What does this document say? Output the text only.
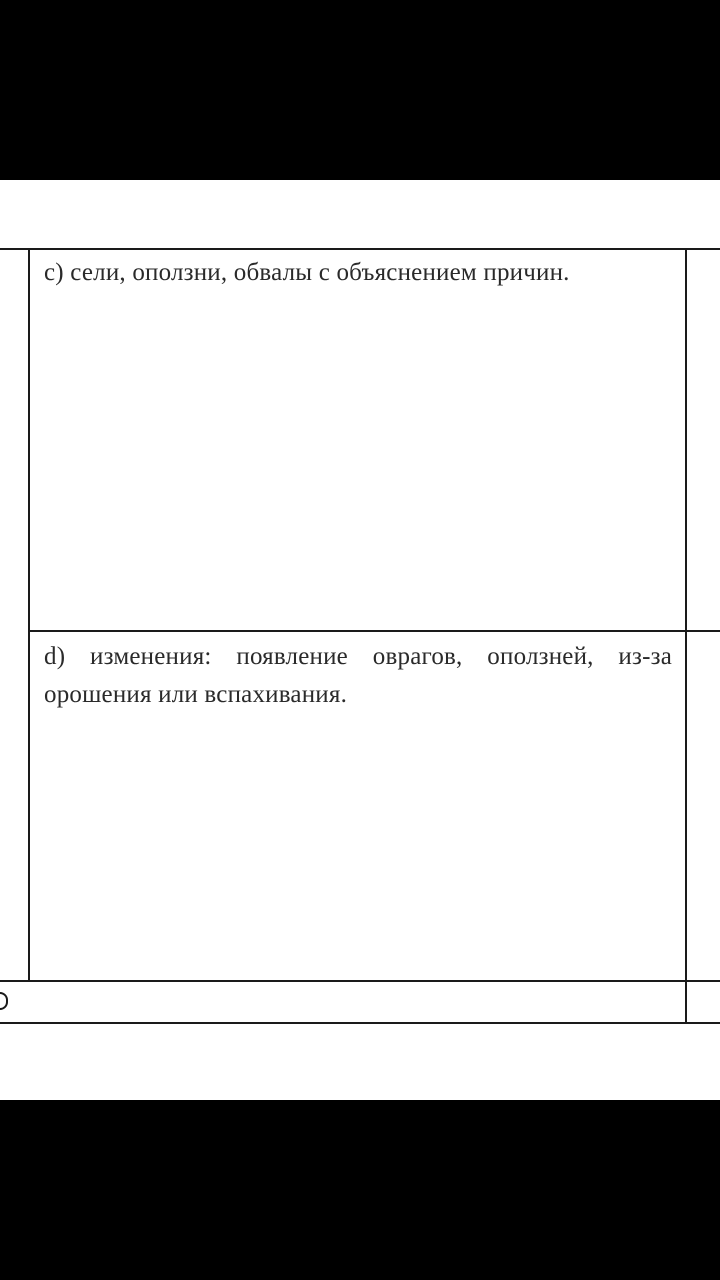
c) сели, оползни, обвалы с объяснением причин.
d) изменения: появление оврагов, оползней, из-за орошения или вспахивания.
